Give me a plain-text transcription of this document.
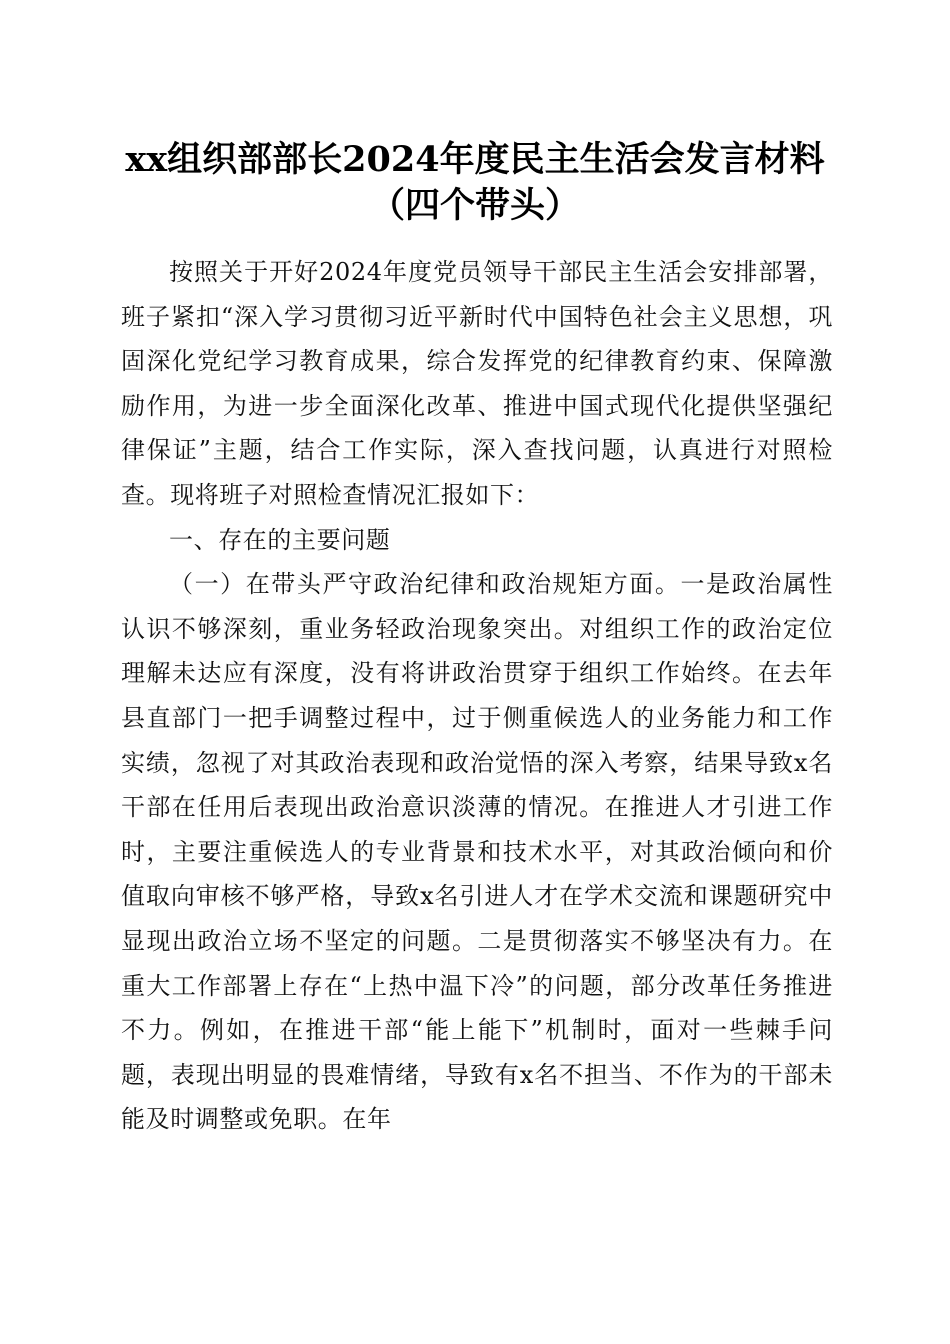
xx组织部部长2024年度民主生活会发言材料
（四个带头）

按照关于开好2024年度党员领导干部民主生活会安排部署，班子紧扣“深入学习贯彻习近平新时代中国特色社会主义思想，巩固深化党纪学习教育成果，综合发挥党的纪律教育约束、保障激励作用，为进一步全面深化改革、推进中国式现代化提供坚强纪律保证”主题，结合工作实际，深入查找问题，认真进行对照检查。现将班子对照检查情况汇报如下：

一、存在的主要问题

（一）在带头严守政治纪律和政治规矩方面。一是政治属性认识不够深刻，重业务轻政治现象突出。对组织工作的政治定位理解未达应有深度，没有将讲政治贯穿于组织工作始终。在去年县直部门一把手调整过程中，过于侧重候选人的业务能力和工作实绩，忽视了对其政治表现和政治觉悟的深入考察，结果导致x名干部在任用后表现出政治意识淡薄的情况。在推进人才引进工作时，主要注重候选人的专业背景和技术水平，对其政治倾向和价值取向审核不够严格，导致x名引进人才在学术交流和课题研究中显现出政治立场不坚定的问题。二是贯彻落实不够坚决有力。在重大工作部署上存在“上热中温下冷”的问题，部分改革任务推进不力。例如，在推进干部“能上能下”机制时，面对一些棘手问题，表现出明显的畏难情绪，导致有x名不担当、不作为的干部未能及时调整或免职。在年
